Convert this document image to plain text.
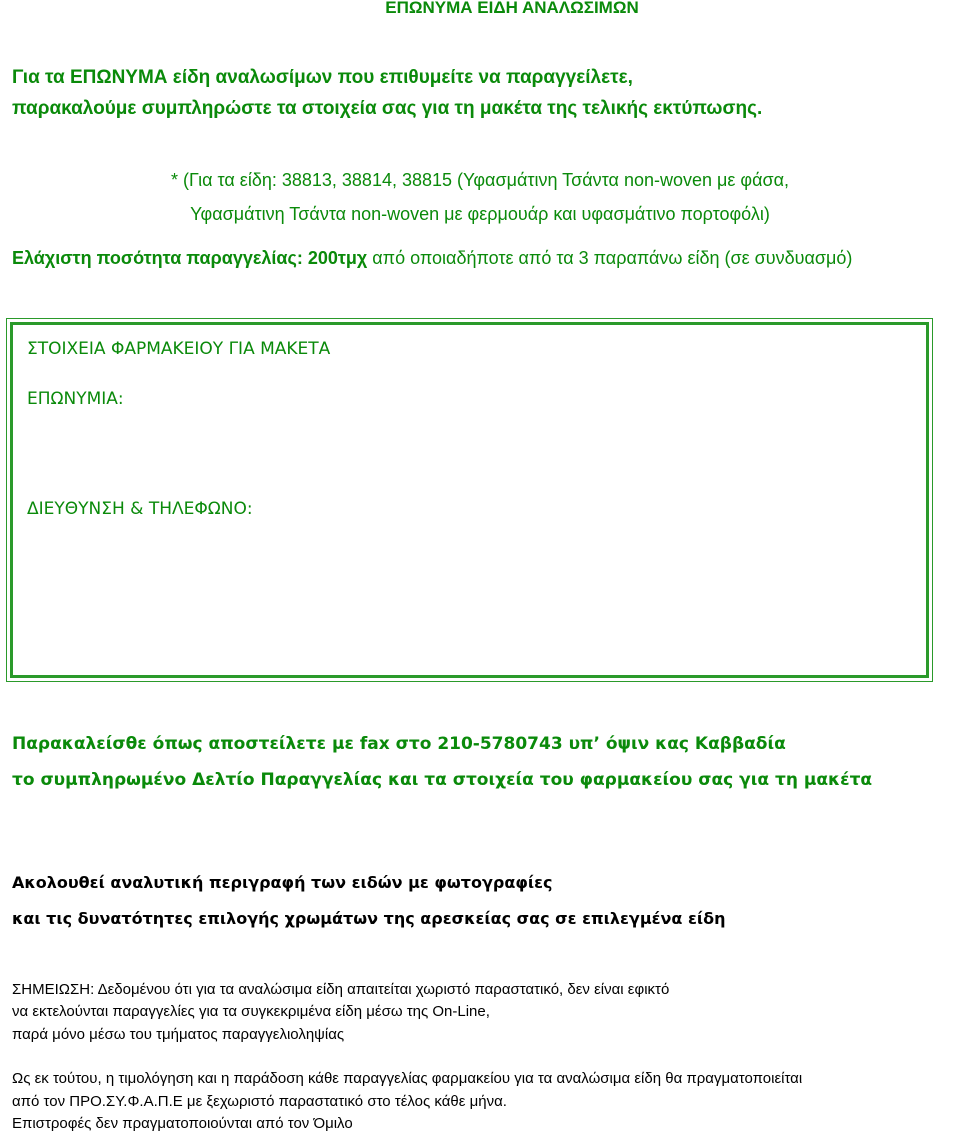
ΕΠΩΝΥΜΑ ΕΙΔΗ ΑΝΑΛΩΣΙΜΩΝ
Για τα ΕΠΩΝΥΜΑ είδη αναλωσίμων που επιθυμείτε να παραγγείλετε,
παρακαλούμε συμπληρώστε τα στοιχεία σας για τη μακέτα της τελικής εκτύπωσης.
* (Για τα είδη: 38813, 38814, 38815 (Υφασμάτινη Τσάντα non-woven με φάσα,
Υφασμάτινη Τσάντα non-woven με φερμουάρ και υφασμάτινο πορτοφόλι)
Ελάχιστη ποσότητα παραγγελίας: 200τμχ από οποιαδήποτε από τα 3 παραπάνω είδη (σε συνδυασμό)
ΣΤΟΙΧΕΙΑ ΦΑΡΜΑΚΕΙΟΥ ΓΙΑ ΜΑΚΕΤΑ
ΕΠΩΝΥΜΙΑ:
ΔΙΕΥΘΥΝΣΗ & ΤΗΛΕΦΩΝΟ:
Παρακαλείσθε όπως αποστείλετε με fax στο 210-5780743 υπ’ όψιν κας Καββαδία
το συμπληρωμένο Δελτίο Παραγγελίας και τα στοιχεία του φαρμακείου σας για τη μακέτα
Ακολουθεί αναλυτική περιγραφή των ειδών με φωτογραφίες
και τις δυνατότητες επιλογής χρωμάτων της αρεσκείας σας σε επιλεγμένα είδη
ΣΗΜΕΙΩΣΗ: Δεδομένου ότι για τα αναλώσιμα είδη απαιτείται χωριστό παραστατικό, δεν είναι εφικτό
να εκτελούνται παραγγελίες για τα συγκεκριμένα είδη μέσω της On-Line,
παρά μόνο μέσω του τμήματος παραγγελιοληψίας
Ως εκ τούτου, η τιμολόγηση και η παράδοση κάθε παραγγελίας φαρμακείου για τα αναλώσιμα είδη θα πραγματοποιείται
από τον ΠΡΟ.ΣΥ.Φ.Α.Π.Ε με ξεχωριστό παραστατικό στο τέλος κάθε μήνα.
Επιστροφές δεν πραγματοποιούνται από τον Όμιλο
